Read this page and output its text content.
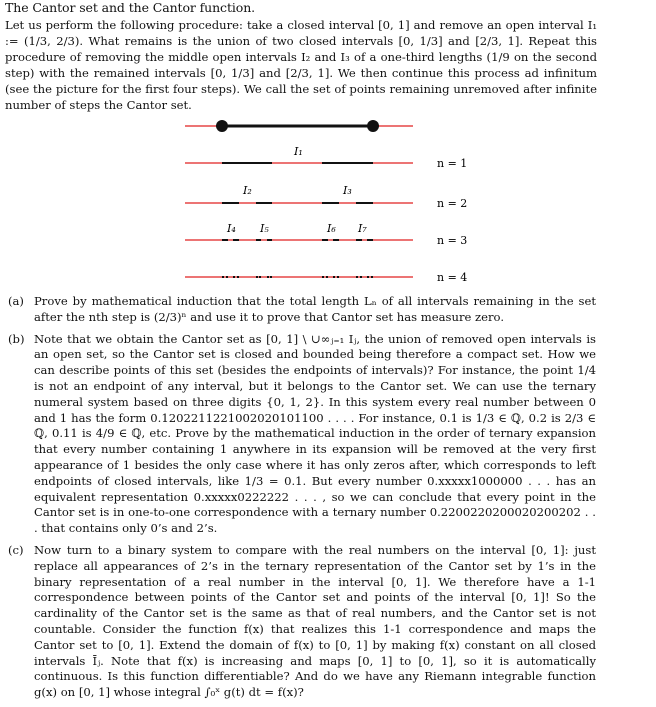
The Cantor set and the Cantor function.
Let us perform the following procedure: take a closed interval [0, 1] and remove an open interval I₁ := (1/3, 2/3). What remains is the union of two closed intervals [0, 1/3] and [2/3, 1]. Repeat this procedure of removing the middle open intervals I₂ and I₃ of a one-third lengths (1/9 on the second step) with the remained intervals [0, 1/3] and [2/3, 1]. We then continue this process ad infinitum (see the picture for the first four steps). We call the set of points remaining unremoved after infinite number of steps the Cantor set.
I₁
n = 1
I₂	I₃
n = 2
I₄ I₅	I₆ I₇
n = 3
n = 4
(a) Prove by mathematical induction that the total length Lₙ of all intervals remaining in the set after the nth step is (2/3)ⁿ and use it to prove that Cantor set has measure zero.
(b) Note that we obtain the Cantor set as [0, 1] \ ∪∞ⱼ₌₁ Iⱼ, the union of removed open intervals is an open set, so the Cantor set is closed and bounded being therefore a compact set. How we can describe points of this set (besides the endpoints of intervals)? For instance, the point 1/4 is not an endpoint of any interval, but it belongs to the Cantor set. We can use the ternary numeral system based on three digits {0, 1, 2}. In this system every real number between 0 and 1 has the form 0.1202211221002020101100 . . . . For instance, 0.1 is 1/3 ∈ ℚ, 0.2 is 2/3 ∈ ℚ, 0.11 is 4/9 ∈ ℚ, etc. Prove by the mathematical induction in the order of ternary expansion that every number containing 1 anywhere in its expansion will be removed at the very first appearance of 1 besides the only case where it has only zeros after, which corresponds to left endpoints of closed intervals, like 1/3 = 0.1. But every number 0.xxxxx1000000 . . . has an equivalent representation 0.xxxxx0222222 . . . , so we can conclude that every point in the Cantor set is in one-to-one correspondence with a ternary number 0.2200220200020200202 . . . that contains only 0’s and 2’s.
(c) Now turn to a binary system to compare with the real numbers on the interval [0, 1]: just replace all appearances of 2’s in the ternary representation of the Cantor set by 1’s in the binary representation of a real number in the interval [0, 1]. We therefore have a 1-1 correspondence between points of the Cantor set and points of the interval [0, 1]! So the cardinality of the Cantor set is the same as that of real numbers, and the Cantor set is not countable. Consider the function f(x) that realizes this 1-1 correspondence and maps the Cantor set to [0, 1]. Extend the domain of f(x) to [0, 1] by making f(x) constant on all closed intervals Īⱼ. Note that f(x) is increasing and maps [0, 1] to [0, 1], so it is automatically continuous. Is this function differentiable? And do we have any Riemann integrable function g(x) on [0, 1] whose integral ∫₀ˣ g(t) dt = f(x)?
